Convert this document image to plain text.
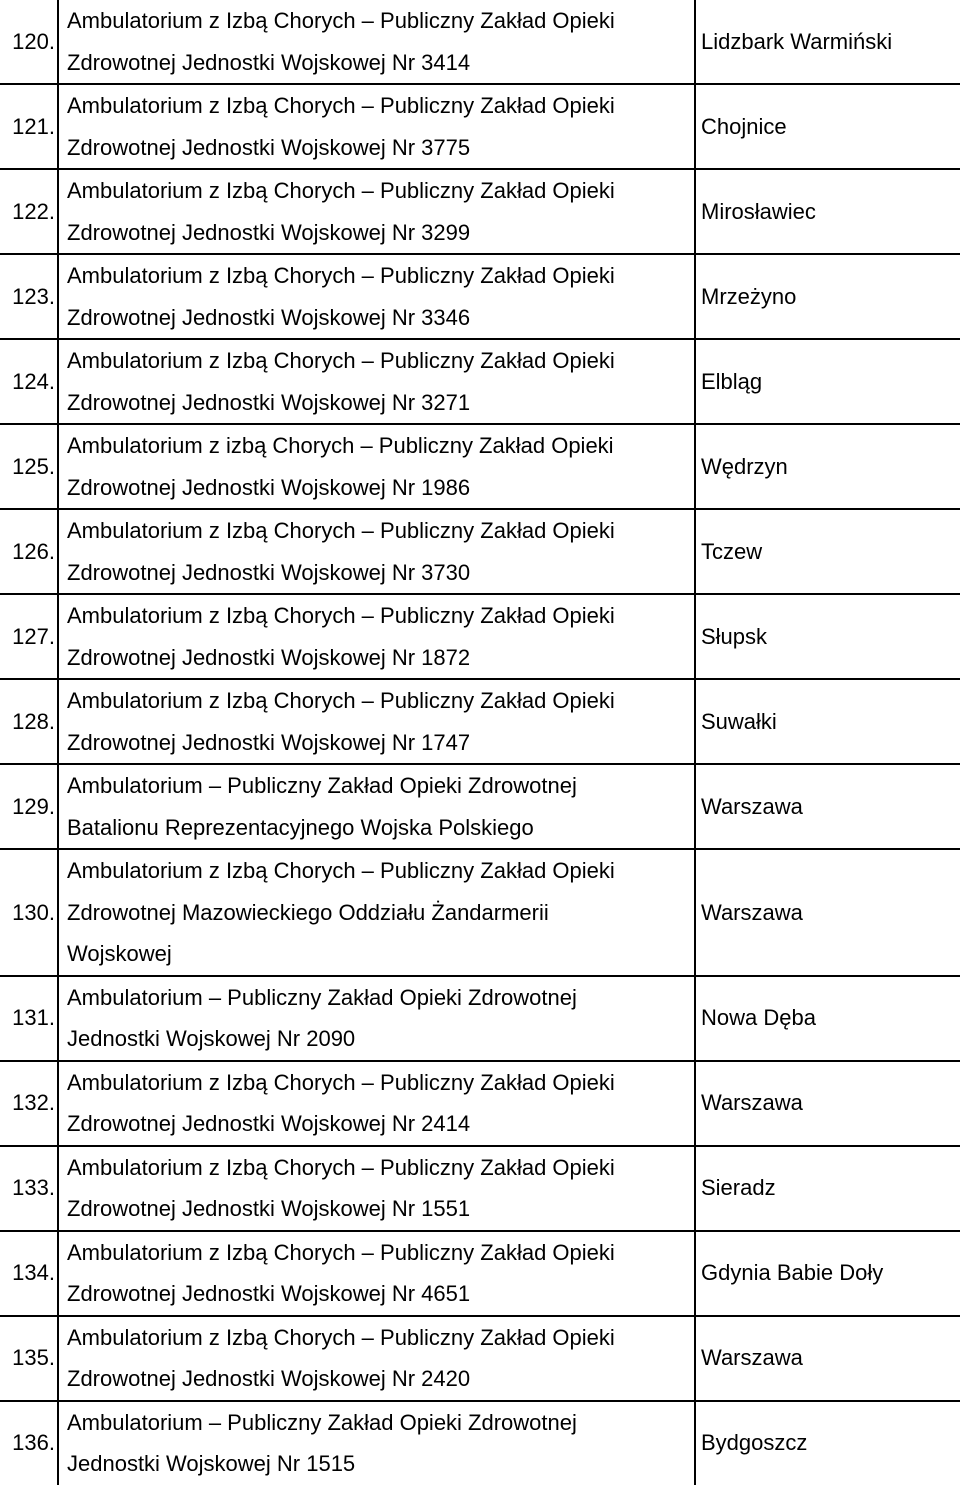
120.	Ambulatorium z Izbą Chorych – Publiczny Zakład Opieki
Zdrowotnej Jednostki Wojskowej Nr 3414	Lidzbark Warmiński
121.	Ambulatorium z Izbą Chorych – Publiczny Zakład Opieki
Zdrowotnej Jednostki Wojskowej Nr 3775	Chojnice
122.	Ambulatorium z Izbą Chorych – Publiczny Zakład Opieki
Zdrowotnej Jednostki Wojskowej Nr 3299	Mirosławiec
123.	Ambulatorium z Izbą Chorych – Publiczny Zakład Opieki
Zdrowotnej Jednostki Wojskowej Nr 3346	Mrzeżyno
124.	Ambulatorium z Izbą Chorych – Publiczny Zakład Opieki
Zdrowotnej Jednostki Wojskowej Nr 3271	Elbląg
125.	Ambulatorium z izbą Chorych – Publiczny Zakład Opieki
Zdrowotnej Jednostki Wojskowej Nr 1986	Wędrzyn
126.	Ambulatorium z Izbą Chorych – Publiczny Zakład Opieki
Zdrowotnej Jednostki Wojskowej Nr 3730	Tczew
127.	Ambulatorium z Izbą Chorych – Publiczny Zakład Opieki
Zdrowotnej Jednostki Wojskowej Nr 1872	Słupsk
128.	Ambulatorium z Izbą Chorych – Publiczny Zakład Opieki
Zdrowotnej Jednostki Wojskowej Nr 1747	Suwałki
129.	Ambulatorium – Publiczny Zakład Opieki Zdrowotnej
Batalionu Reprezentacyjnego Wojska Polskiego	Warszawa
130.	Ambulatorium z Izbą Chorych – Publiczny Zakład Opieki
Zdrowotnej Mazowieckiego Oddziału Żandarmerii
Wojskowej	Warszawa
131.	Ambulatorium – Publiczny Zakład Opieki Zdrowotnej
Jednostki Wojskowej Nr 2090	Nowa Dęba
132.	Ambulatorium z Izbą Chorych – Publiczny Zakład Opieki
Zdrowotnej Jednostki Wojskowej Nr 2414	Warszawa
133.	Ambulatorium z Izbą Chorych – Publiczny Zakład Opieki
Zdrowotnej Jednostki Wojskowej Nr 1551	Sieradz
134.	Ambulatorium z Izbą Chorych – Publiczny Zakład Opieki
Zdrowotnej Jednostki Wojskowej Nr 4651	Gdynia Babie Doły
135.	Ambulatorium z Izbą Chorych – Publiczny Zakład Opieki
Zdrowotnej Jednostki Wojskowej Nr 2420	Warszawa
136.	Ambulatorium – Publiczny Zakład Opieki Zdrowotnej
Jednostki Wojskowej Nr 1515	Bydgoszcz
